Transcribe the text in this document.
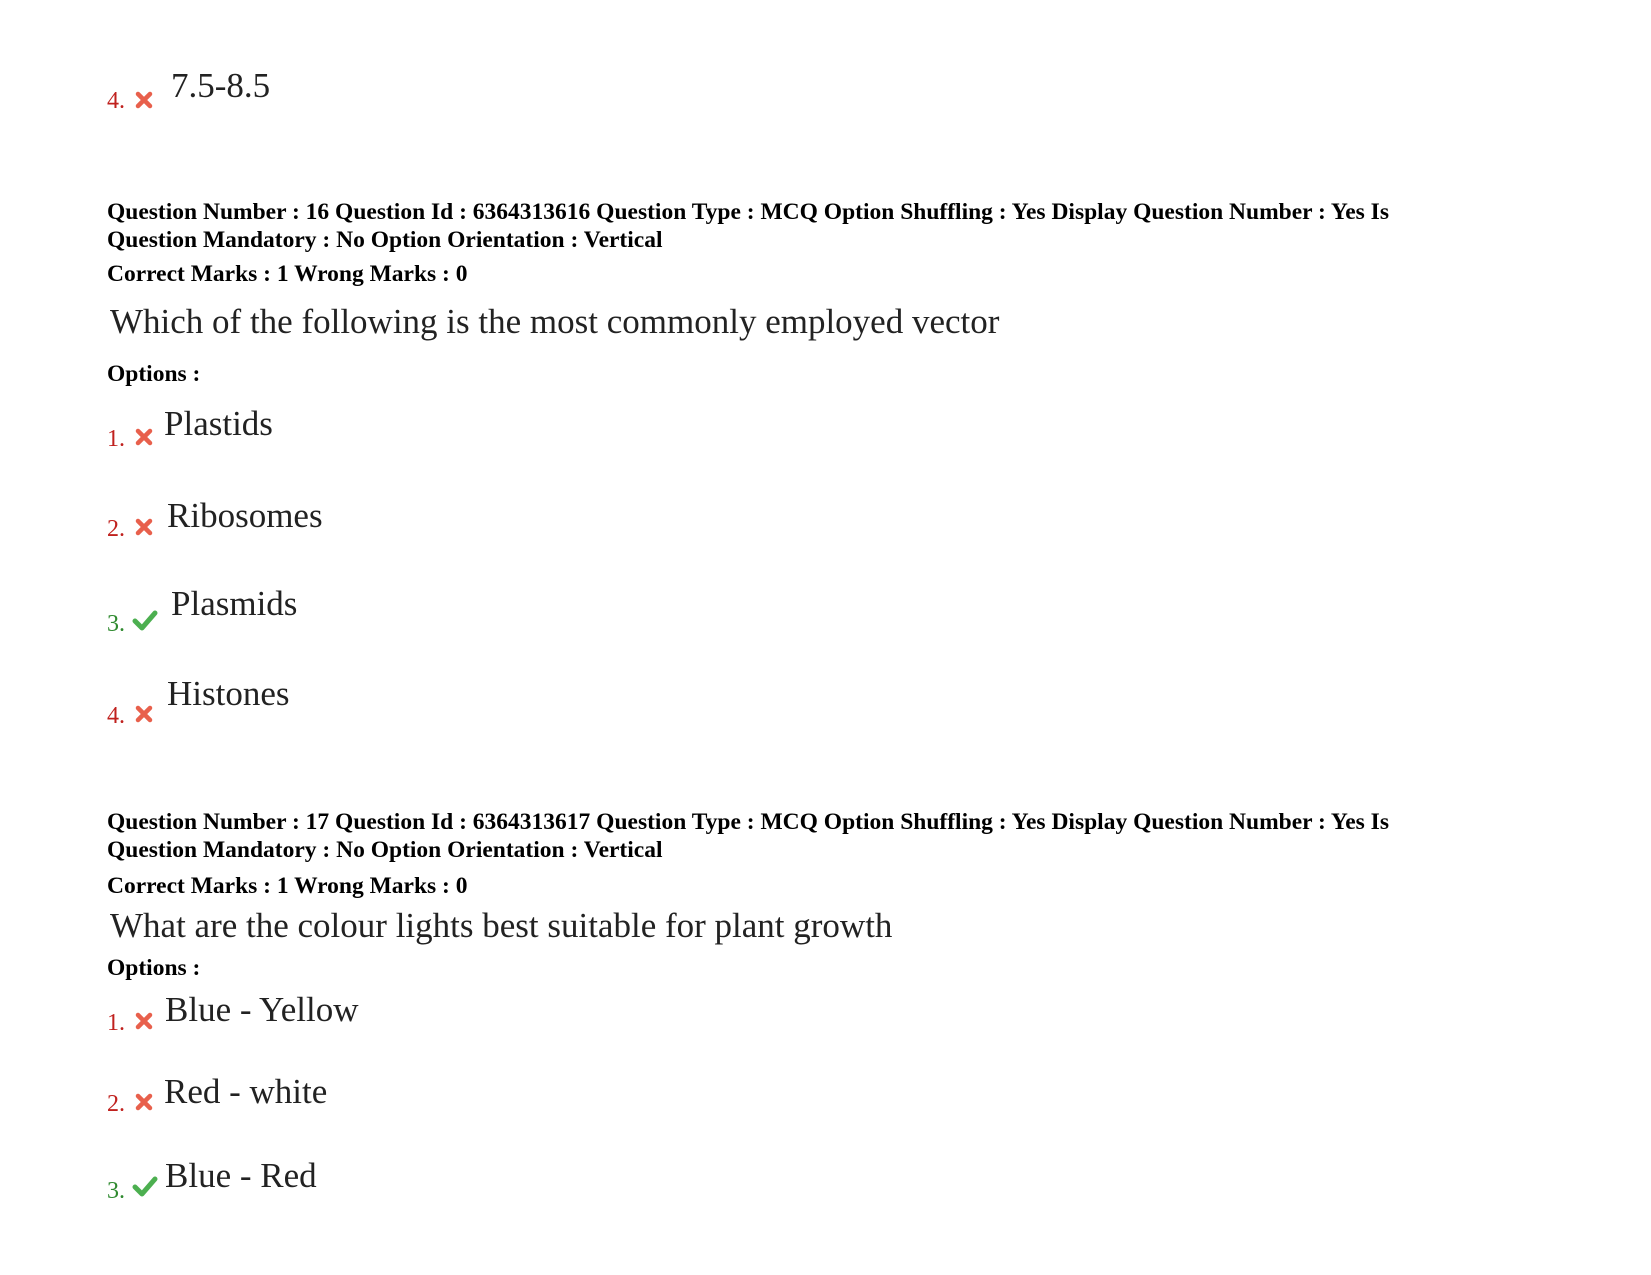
4. 7.5-8.5
Question Number : 16 Question Id : 6364313616 Question Type : MCQ Option Shuffling : Yes Display Question Number : Yes Is
Question Mandatory : No Option Orientation : Vertical
Correct Marks : 1 Wrong Marks : 0
Which of the following is the most commonly employed vector
Options :
1. Plastids
2. Ribosomes
3.
Plasmids
4.
Histones
Question Number : 17 Question Id : 6364313617 Question Type : MCQ Option Shuffling : Yes Display Question Number : Yes Is
Question Mandatory : No Option Orientation : Vertical
Correct Marks : 1 Wrong Marks : 0
What are the colour lights best suitable for plant growth
Options :
1. Blue - Yellow
2. Red - white
3. Blue - Red
